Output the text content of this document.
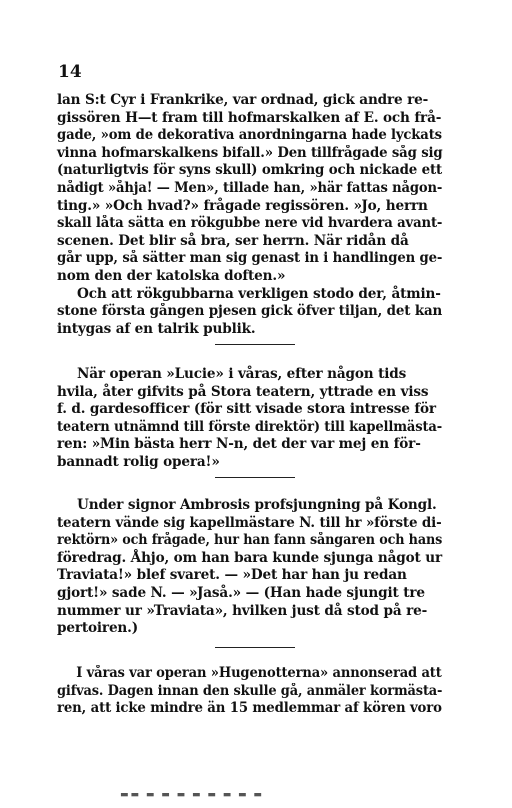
14
lan S:t Cyr i Frankrike, var ordnad, gick andre re-
gissören H—t fram till hofmarskalken af E. och frå-
gade, »om de dekorativa anordningarna hade lyckats
vinna hofmarskalkens bifall.» Den tillfrågade såg sig
(naturligtvis för syns skull) omkring och nickade ett
nådigt »åhja! — Men», tillade han, »här fattas någon-
ting.» »Och hvad?» frågade regissören. »Jo, herrn
skall låta sätta en rökgubbe nere vid hvardera avant-
scenen. Det blir så bra, ser herrn. När ridån då
går upp, så sätter man sig genast in i handlingen ge-
nom den der katolska doften.»
Och att rökgubbarna verkligen stodo der, åtmin-
stone första gången pjesen gick öfver tiljan, det kan
intygas af en talrik publik.
När operan »Lucie» i våras, efter någon tids
hvila, åter gifvits på Stora teatern, yttrade en viss
f. d. gardesofficer (för sitt visade stora intresse för
teatern utnämnd till förste direktör) till kapellmästa-
ren: »Min bästa herr N-n, det der var mej en för-
bannadt rolig opera!»
Under signor Ambrosis profsjungning på Kongl.
teatern vände sig kapellmästare N. till hr »förste di-
rektörn» och frågade, hur han fann sångaren och hans
föredrag. Åhjo, om han bara kunde sjunga något ur
Traviata!» blef svaret. — »Det har han ju redan
gjort!» sade N. — »Jaså.» — (Han hade sjungit tre
nummer ur »Traviata», hvilken just då stod på re-
pertoiren.)
I våras var operan »Hugenotterna» annonserad att
gifvas. Dagen innan den skulle gå, anmäler kormästa-
ren, att icke mindre än 15 medlemmar af kören voro
▬▬ ▬ ▬ ▬ ▬ ▬ ▬ ▬ ▬
